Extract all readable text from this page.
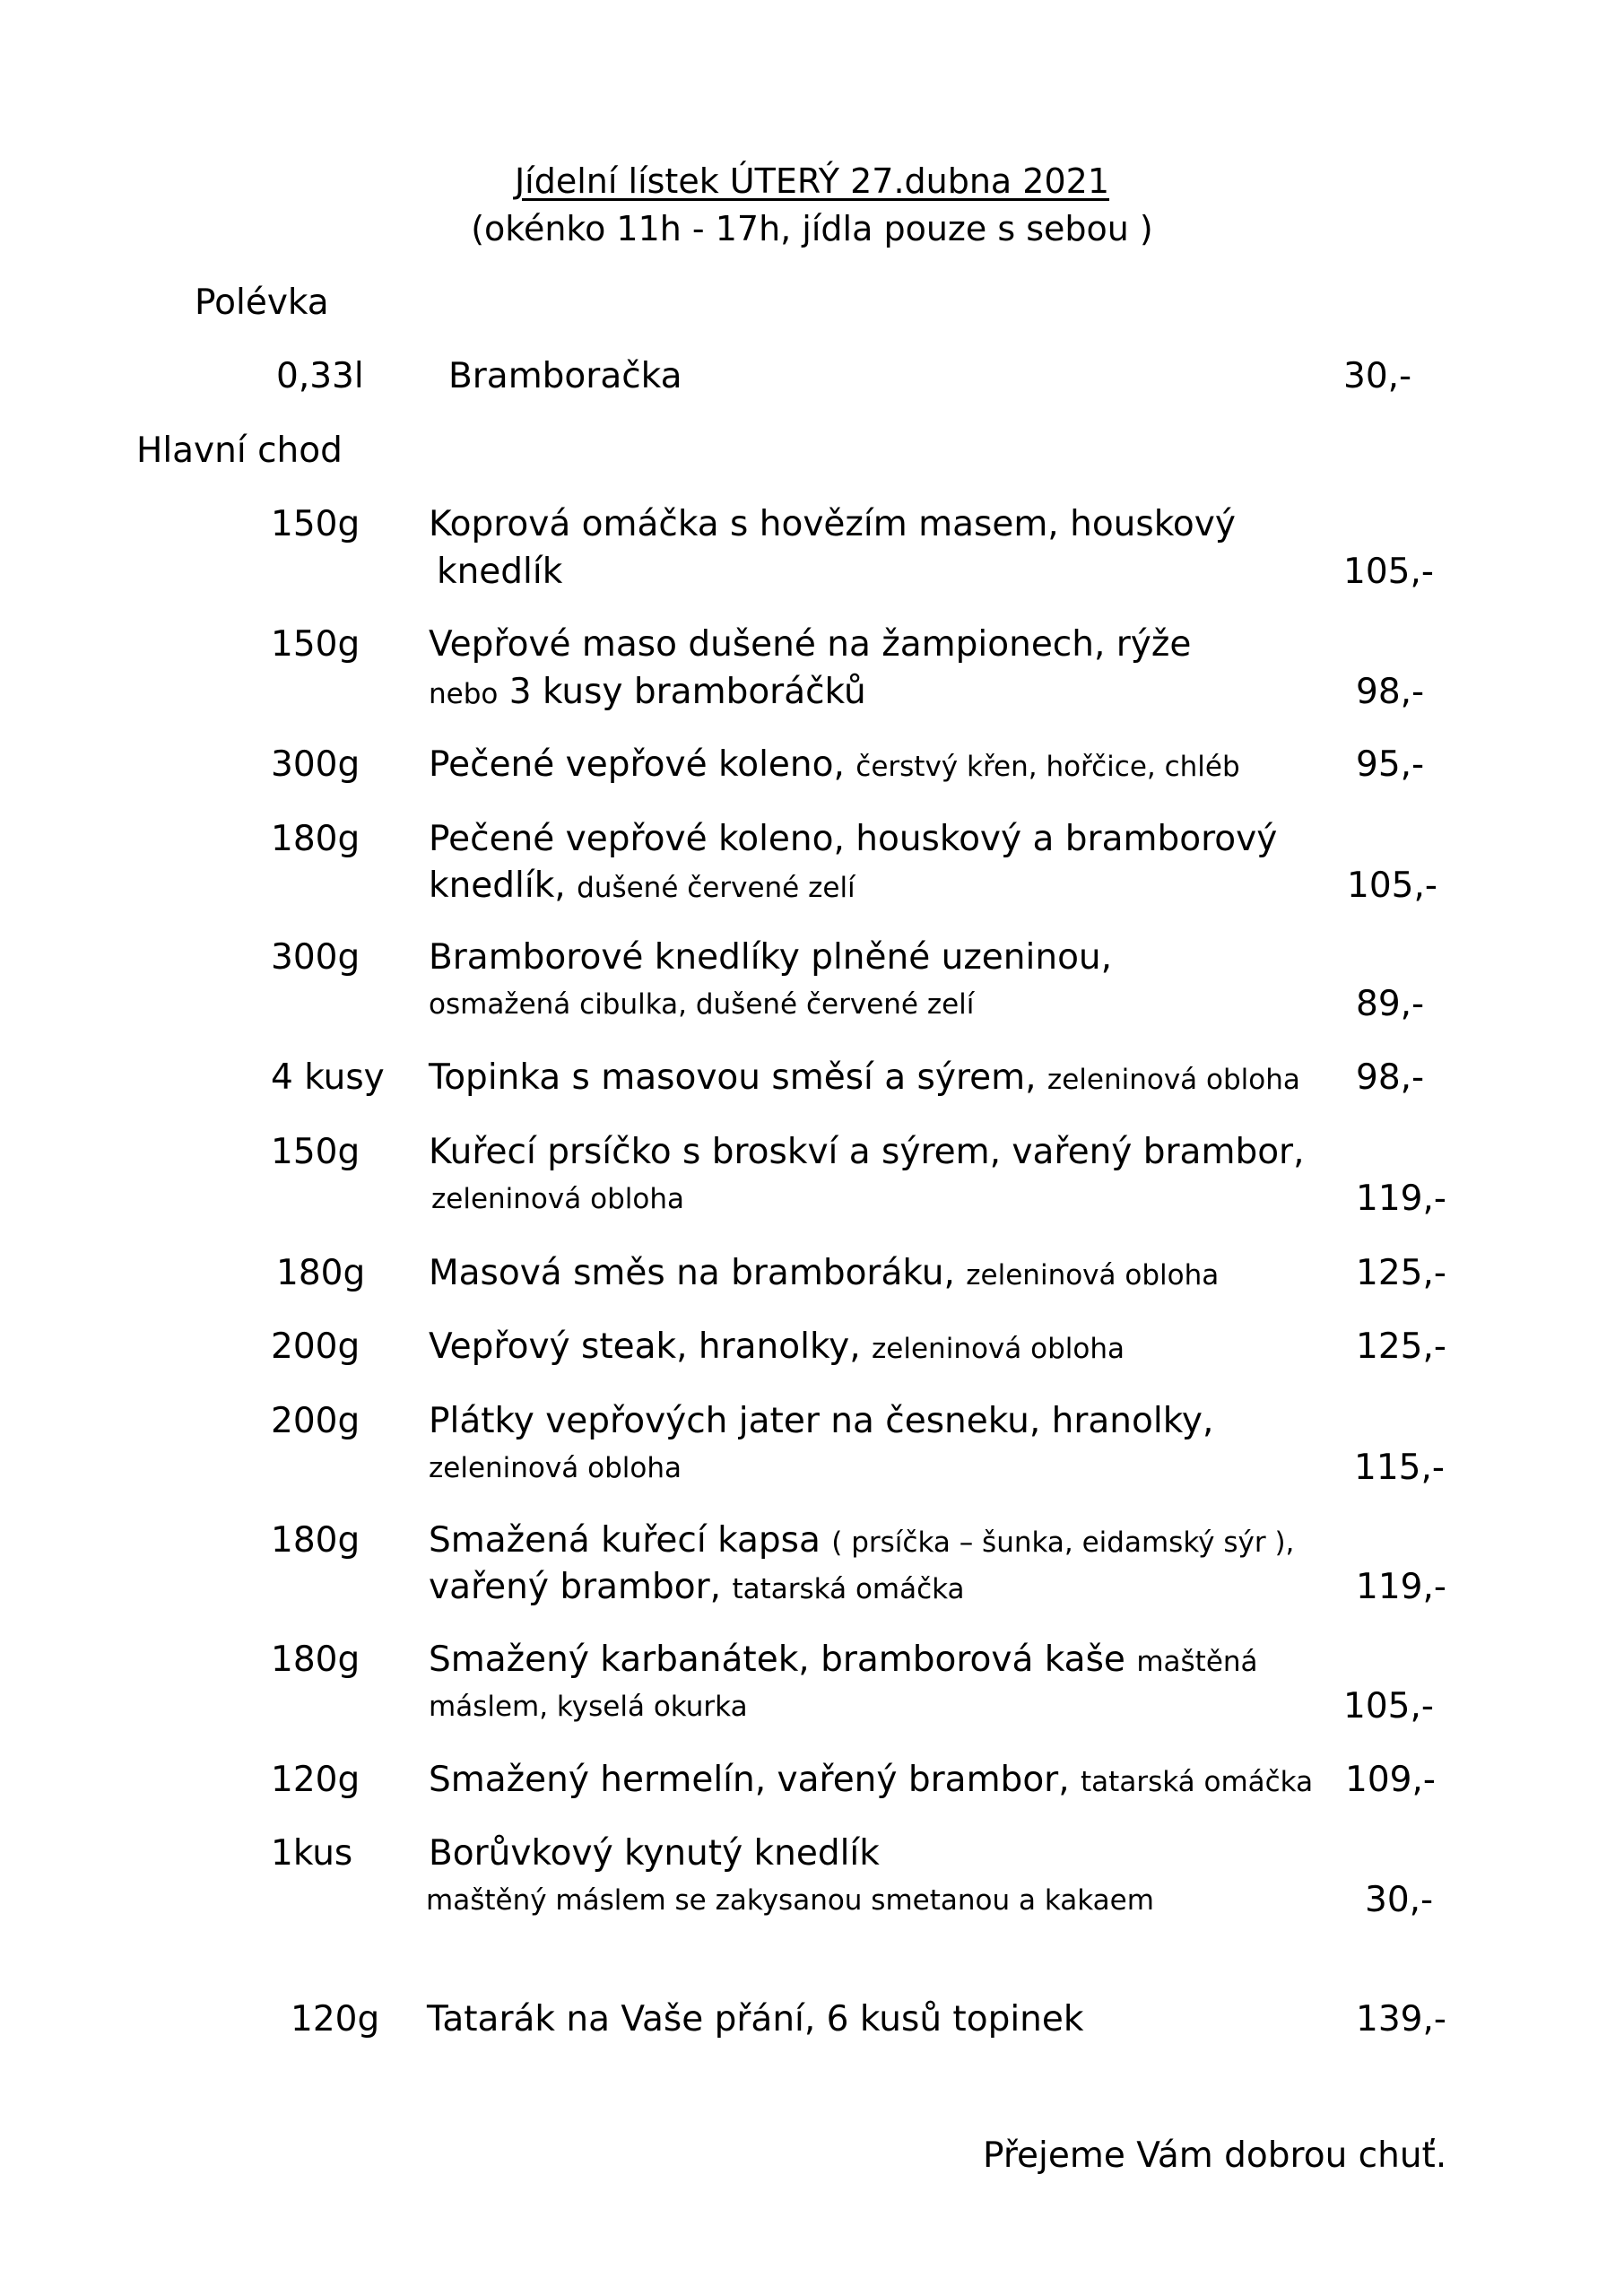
Jídelní lístek ÚTERÝ 27.dubna 2021
(okénko 11h - 17h, jídla pouze s sebou )
Polévka
0,33l Bramboračka	30,-
Hlavní chod
150g Koprová omáčka s hovězím masem, houskový
knedlík	105,-
150g Vepřové maso dušené na žampionech, rýže
nebo 3 kusy bramboráčků	98,-
300g Pečené vepřové koleno, čerstvý křen, hořčice, chléb	95,-
180g Pečené vepřové koleno, houskový a bramborový
knedlík, dušené červené zelí	105,-
300g Bramborové knedlíky plněné uzeninou,
osmažená cibulka, dušené červené zelí	89,-
4 kusy Topinka s masovou směsí a sýrem, zeleninová obloha 98,-
150g Kuřecí prsíčko s broskví a sýrem, vařený brambor,
zeleninová obloha	119,-
180g Masová směs na bramboráku, zeleninová obloha	125,-
200g Vepřový steak, hranolky, zeleninová obloha	125,-
200g Plátky vepřových jater na česneku, hranolky,
zeleninová obloha	115,-
180g Smažená kuřecí kapsa ( prsíčka – šunka, eidamský sýr ),
vařený brambor, tatarská omáčka	119,-
180g Smažený karbanátek, bramborová kaše maštěná
máslem, kyselá okurka	105,-
120g Smažený hermelín, vařený brambor, tatarská omáčka 109,-
1kus Borůvkový kynutý knedlík
maštěný máslem se zakysanou smetanou a kakaem	30,-
120g Tatarák na Vaše přání, 6 kusů topinek	139,-
Přejeme Vám dobrou chuť.
